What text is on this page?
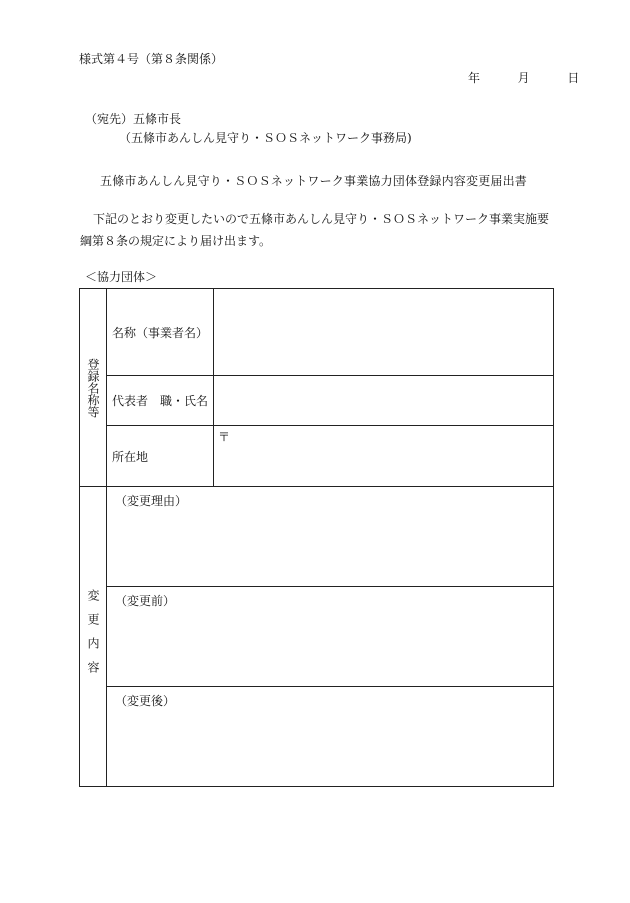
様式第４号（第８条関係）
年	月	日
（宛先）五條市長
（五條市あんしん見守り・ＳＯＳネットワーク事務局)
五條市あんしん見守り・ＳＯＳネットワーク事業協力団体登録内容変更届出書
下記のとおり変更したいので五條市あんしん見守り・ＳＯＳネットワーク事業実施要
綱第８条の規定により届け出ます。
＜協力団体＞
登録名称等	名称（事業者名）	
	代表者　職・氏名	
	所在地	〒

変更内容	（変更理由）	

	（変更前）	

	（変更後）	
